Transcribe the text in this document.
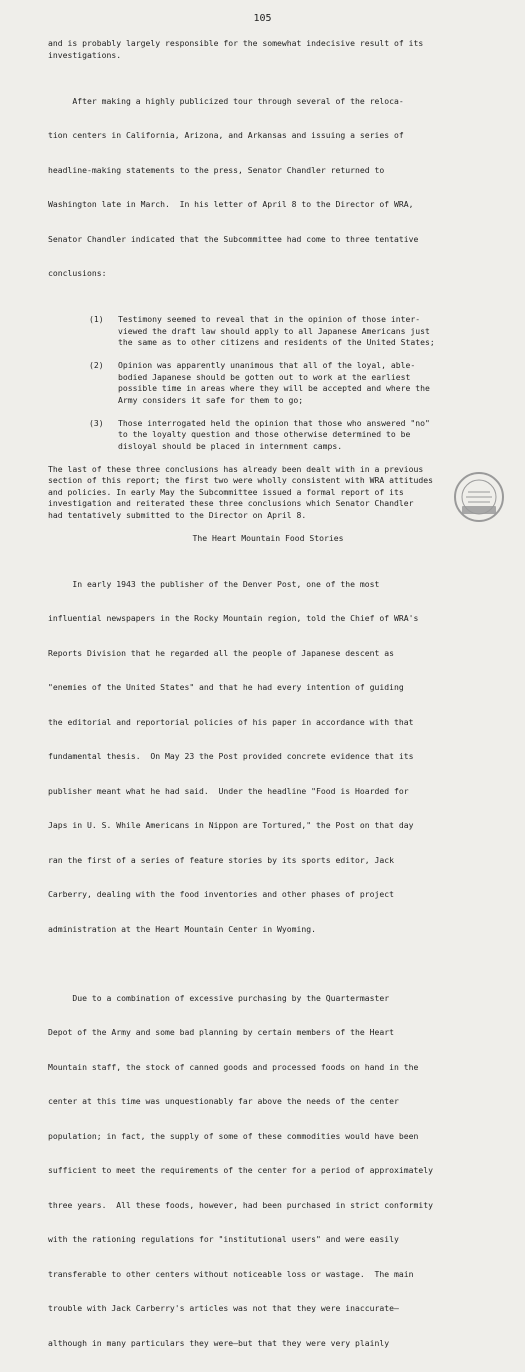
105
and is probably largely responsible for the somewhat indecisive result of its
investigations.

After making a highly publicized tour through several of the reloca-

tion centers in California, Arizona, and Arkansas and issuing a series of

headline-making statements to the press, Senator Chandler returned to

Washington late in March.  In his letter of April 8 to the Director of WRA,

Senator Chandler indicated that the Subcommittee had come to three tentative

conclusions:

(1) Testimony seemed to reveal that in the opinion of those inter-
viewed the draft law should apply to all Japanese Americans just
the same as to other citizens and residents of the United States;
(2) Opinion was apparently unanimous that all of the loyal, able-
bodied Japanese should be gotten out to work at the earliest
possible time in areas where they will be accepted and where the
Army considers it safe for them to go;
(3) Those interrogated held the opinion that those who answered "no"
to the loyalty question and those otherwise determined to be
disloyal should be placed in internment camps.
The last of these three conclusions has already been dealt with in a previous
section of this report; the first two were wholly consistent with WRA attitudes
and policies. In early May the Subcommittee issued a formal report of its
investigation and reiterated these three conclusions which Senator Chandler
had tentatively submitted to the Director on April 8.
The Heart Mountain Food Stories

In early 1943 the publisher of the Denver Post, one of the most

influential newspapers in the Rocky Mountain region, told the Chief of WRA's

Reports Division that he regarded all the people of Japanese descent as

"enemies of the United States" and that he had every intention of guiding

the editorial and reportorial policies of his paper in accordance with that

fundamental thesis.  On May 23 the Post provided concrete evidence that its

publisher meant what he had said.  Under the headline "Food is Hoarded for

Japs in U. S. While Americans in Nippon are Tortured," the Post on that day

ran the first of a series of feature stories by its sports editor, Jack

Carberry, dealing with the food inventories and other phases of project

administration at the Heart Mountain Center in Wyoming.

Due to a combination of excessive purchasing by the Quartermaster

Depot of the Army and some bad planning by certain members of the Heart

Mountain staff, the stock of canned goods and processed foods on hand in the

center at this time was unquestionably far above the needs of the center

population; in fact, the supply of some of these commodities would have been

sufficient to meet the requirements of the center for a period of approximately

three years.  All these foods, however, had been purchased in strict conformity

with the rationing regulations for "institutional users" and were easily

transferable to other centers without noticeable loss or wastage.  The main

trouble with Jack Carberry's articles was not that they were inaccurate—

although in many particulars they were—but that they were very plainly
